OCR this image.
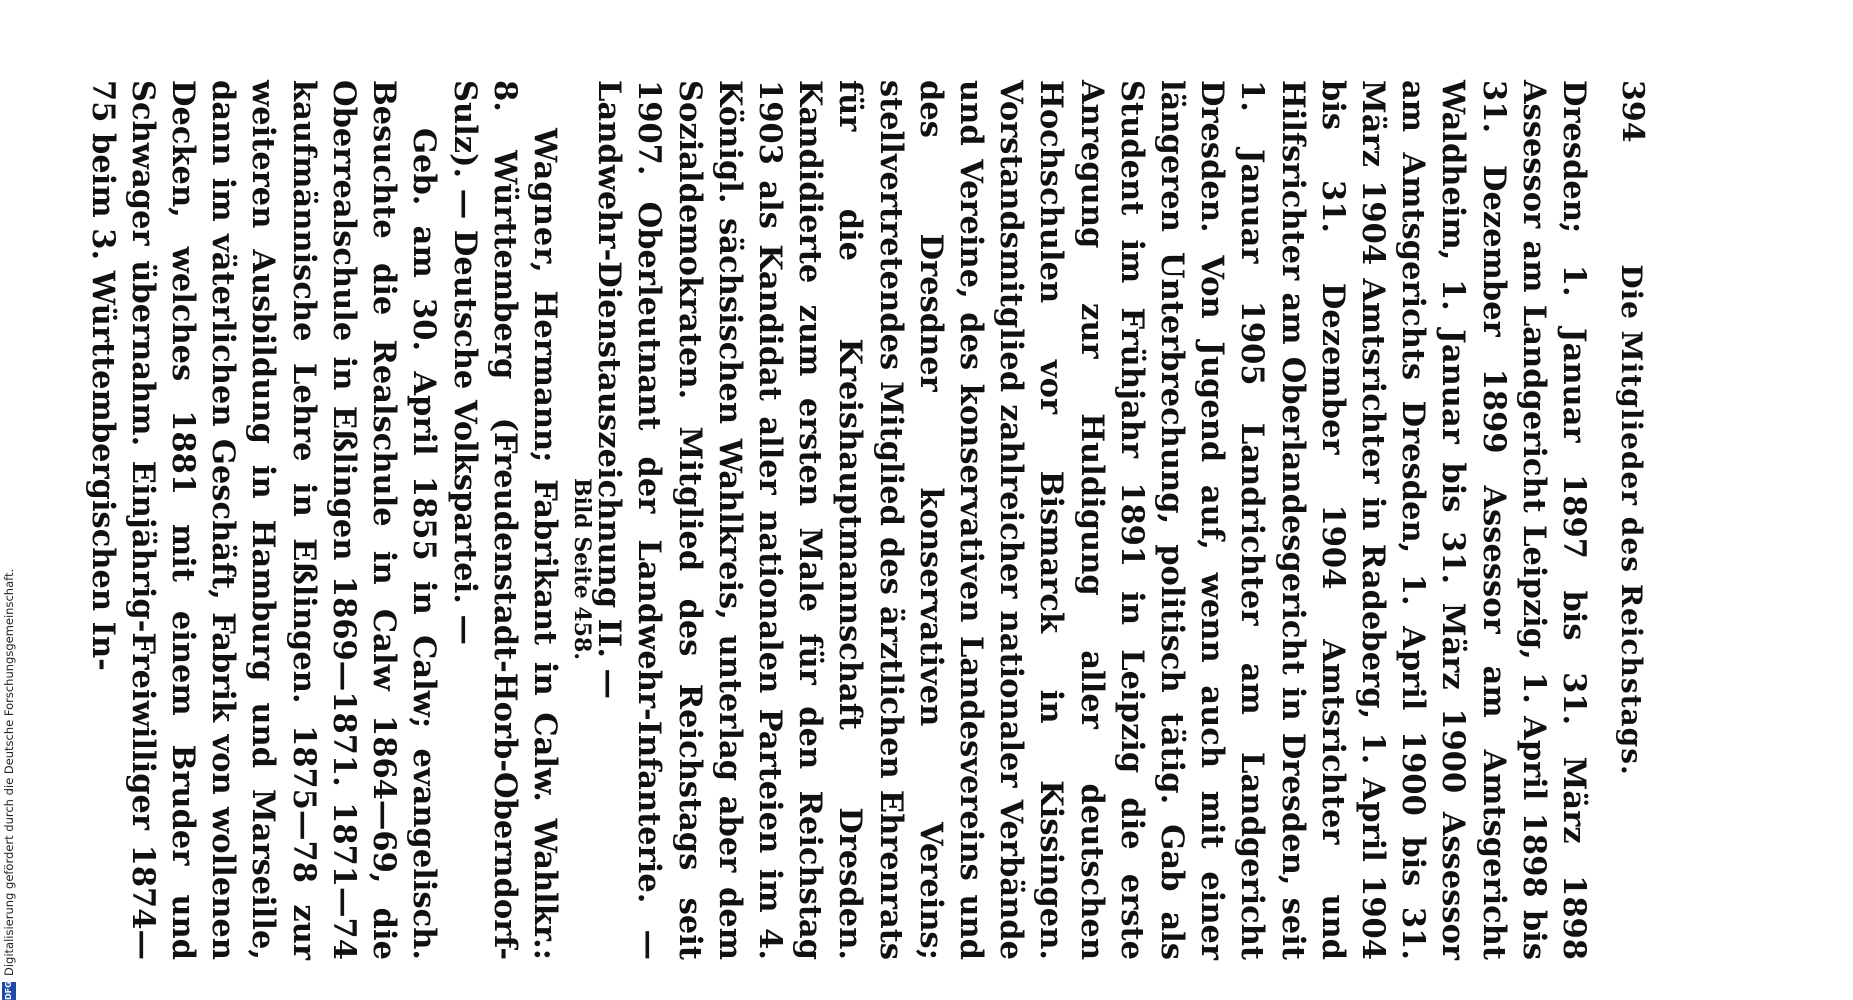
394
Die Mitglieder des Reichstags.

Dresden; 1. Januar 1897 bis 31. März 1898 Assessor am Landgericht Leipzig, 1. April 1898 bis 31. Dezember 1899 Assessor am Amtsgericht Waldheim, 1. Januar bis 31. März 1900 Assessor am Amtsgerichts Dresden, 1. April 1900 bis 31. März 1904 Amtsrichter in Radeberg, 1. April 1904 bis 31. Dezember 1904 Amtsrichter und Hilfsrichter am Oberlandesgericht in Dresden, seit 1. Januar 1905 Landrichter am Landgericht Dresden. Von Jugend auf, wenn auch mit einer längeren Unterbrechung, politisch tätig. Gab als Student im Frühjahr 1891 in Leipzig die erste Anregung zur Huldigung aller deutschen Hochschulen vor Bismarck in Kissingen. Vorstandsmitglied zahlreicher nationaler Verbände und Vereine, des konservativen Landesvereins und des Dresdner konservativen Vereins; stellvertretendes Mitglied des ärztlichen Ehrenrats für die Kreishauptmannschaft Dresden. Kandidierte zum ersten Male für den Reichstag 1903 als Kandidat aller nationalen Parteien im 4. Königl. sächsischen Wahlkreis, unterlag aber dem Sozialdemokraten. Mitglied des Reichstags seit 1907. Oberleutnant der Landwehr-Infanterie. — Landwehr-Dienstauszeichnung II. —

Bild Seite 458.

Wagner, Hermann; Fabrikant in Calw. Wahlkr.: 8. Württemberg (Freudenstadt-Horb-Oberndorf-Sulz). — Deutsche Volkspartei. —

Geb. am 30. April 1855 in Calw; evangelisch. Besuchte die Realschule in Calw 1864—69, die Oberrealschule in Eßlingen 1869—1871. 1871—74 kaufmännische Lehre in Eßlingen. 1875—78 zur weiteren Ausbildung in Hamburg und Marseille, dann im väterlichen Geschäft, Fabrik von wollenen Decken, welches 1881 mit einem Bruder und Schwager übernahm. Einjährig-Freiwilliger 1874—75 beim 3. Württembergischen In-

DFG
Digitalisierung gefördert durch die Deutsche Forschungsgemeinschaft.
